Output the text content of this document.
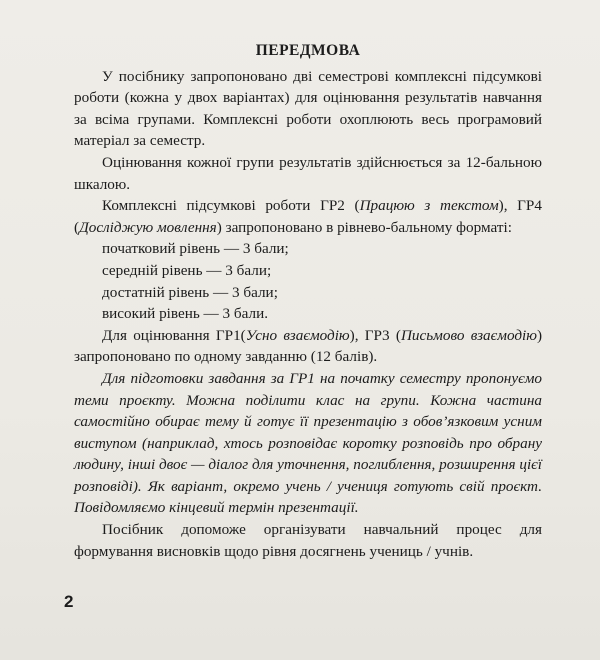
ПЕРЕДМОВА

У посібнику запропоновано дві семестрові комплексні підсумкові роботи (кожна у двох варіантах) для оцінювання результатів навчання за всіма групами. Комплексні роботи охоплюють весь програмовий матеріал за семестр.

Оцінювання кожної групи результатів здійснюється за 12-бальною шкалою.

Комплексні підсумкові роботи ГР2 (Працюю з текстом), ГР4 (Досліджую мовлення) запропоновано в рівнево-бальному форматі:

початковий рівень — 3 бали;
середній рівень — 3 бали;
достатній рівень — 3 бали;
високий рівень — 3 бали.

Для оцінювання ГР1(Усно взаємодію), ГР3 (Письмово взаємодію) запропоновано по одному завданню (12 балів).

Для підготовки завдання за ГР1 на початку семестру пропонуємо теми проєкту. Можна поділити клас на групи. Кожна частина самостійно обирає тему й готує її презентацію з обов’язковим усним виступом (наприклад, хтось розповідає коротку розповідь про обрану людину, інші двоє — діалог для уточнення, поглиблення, розширення цієї розповіді). Як варіант, окремо учень / учениця готують свій проєкт. Повідомляємо кінцевий термін презентації.

Посібник допоможе організувати навчальний процес для формування висновків щодо рівня досягнень учениць / учнів.

2
